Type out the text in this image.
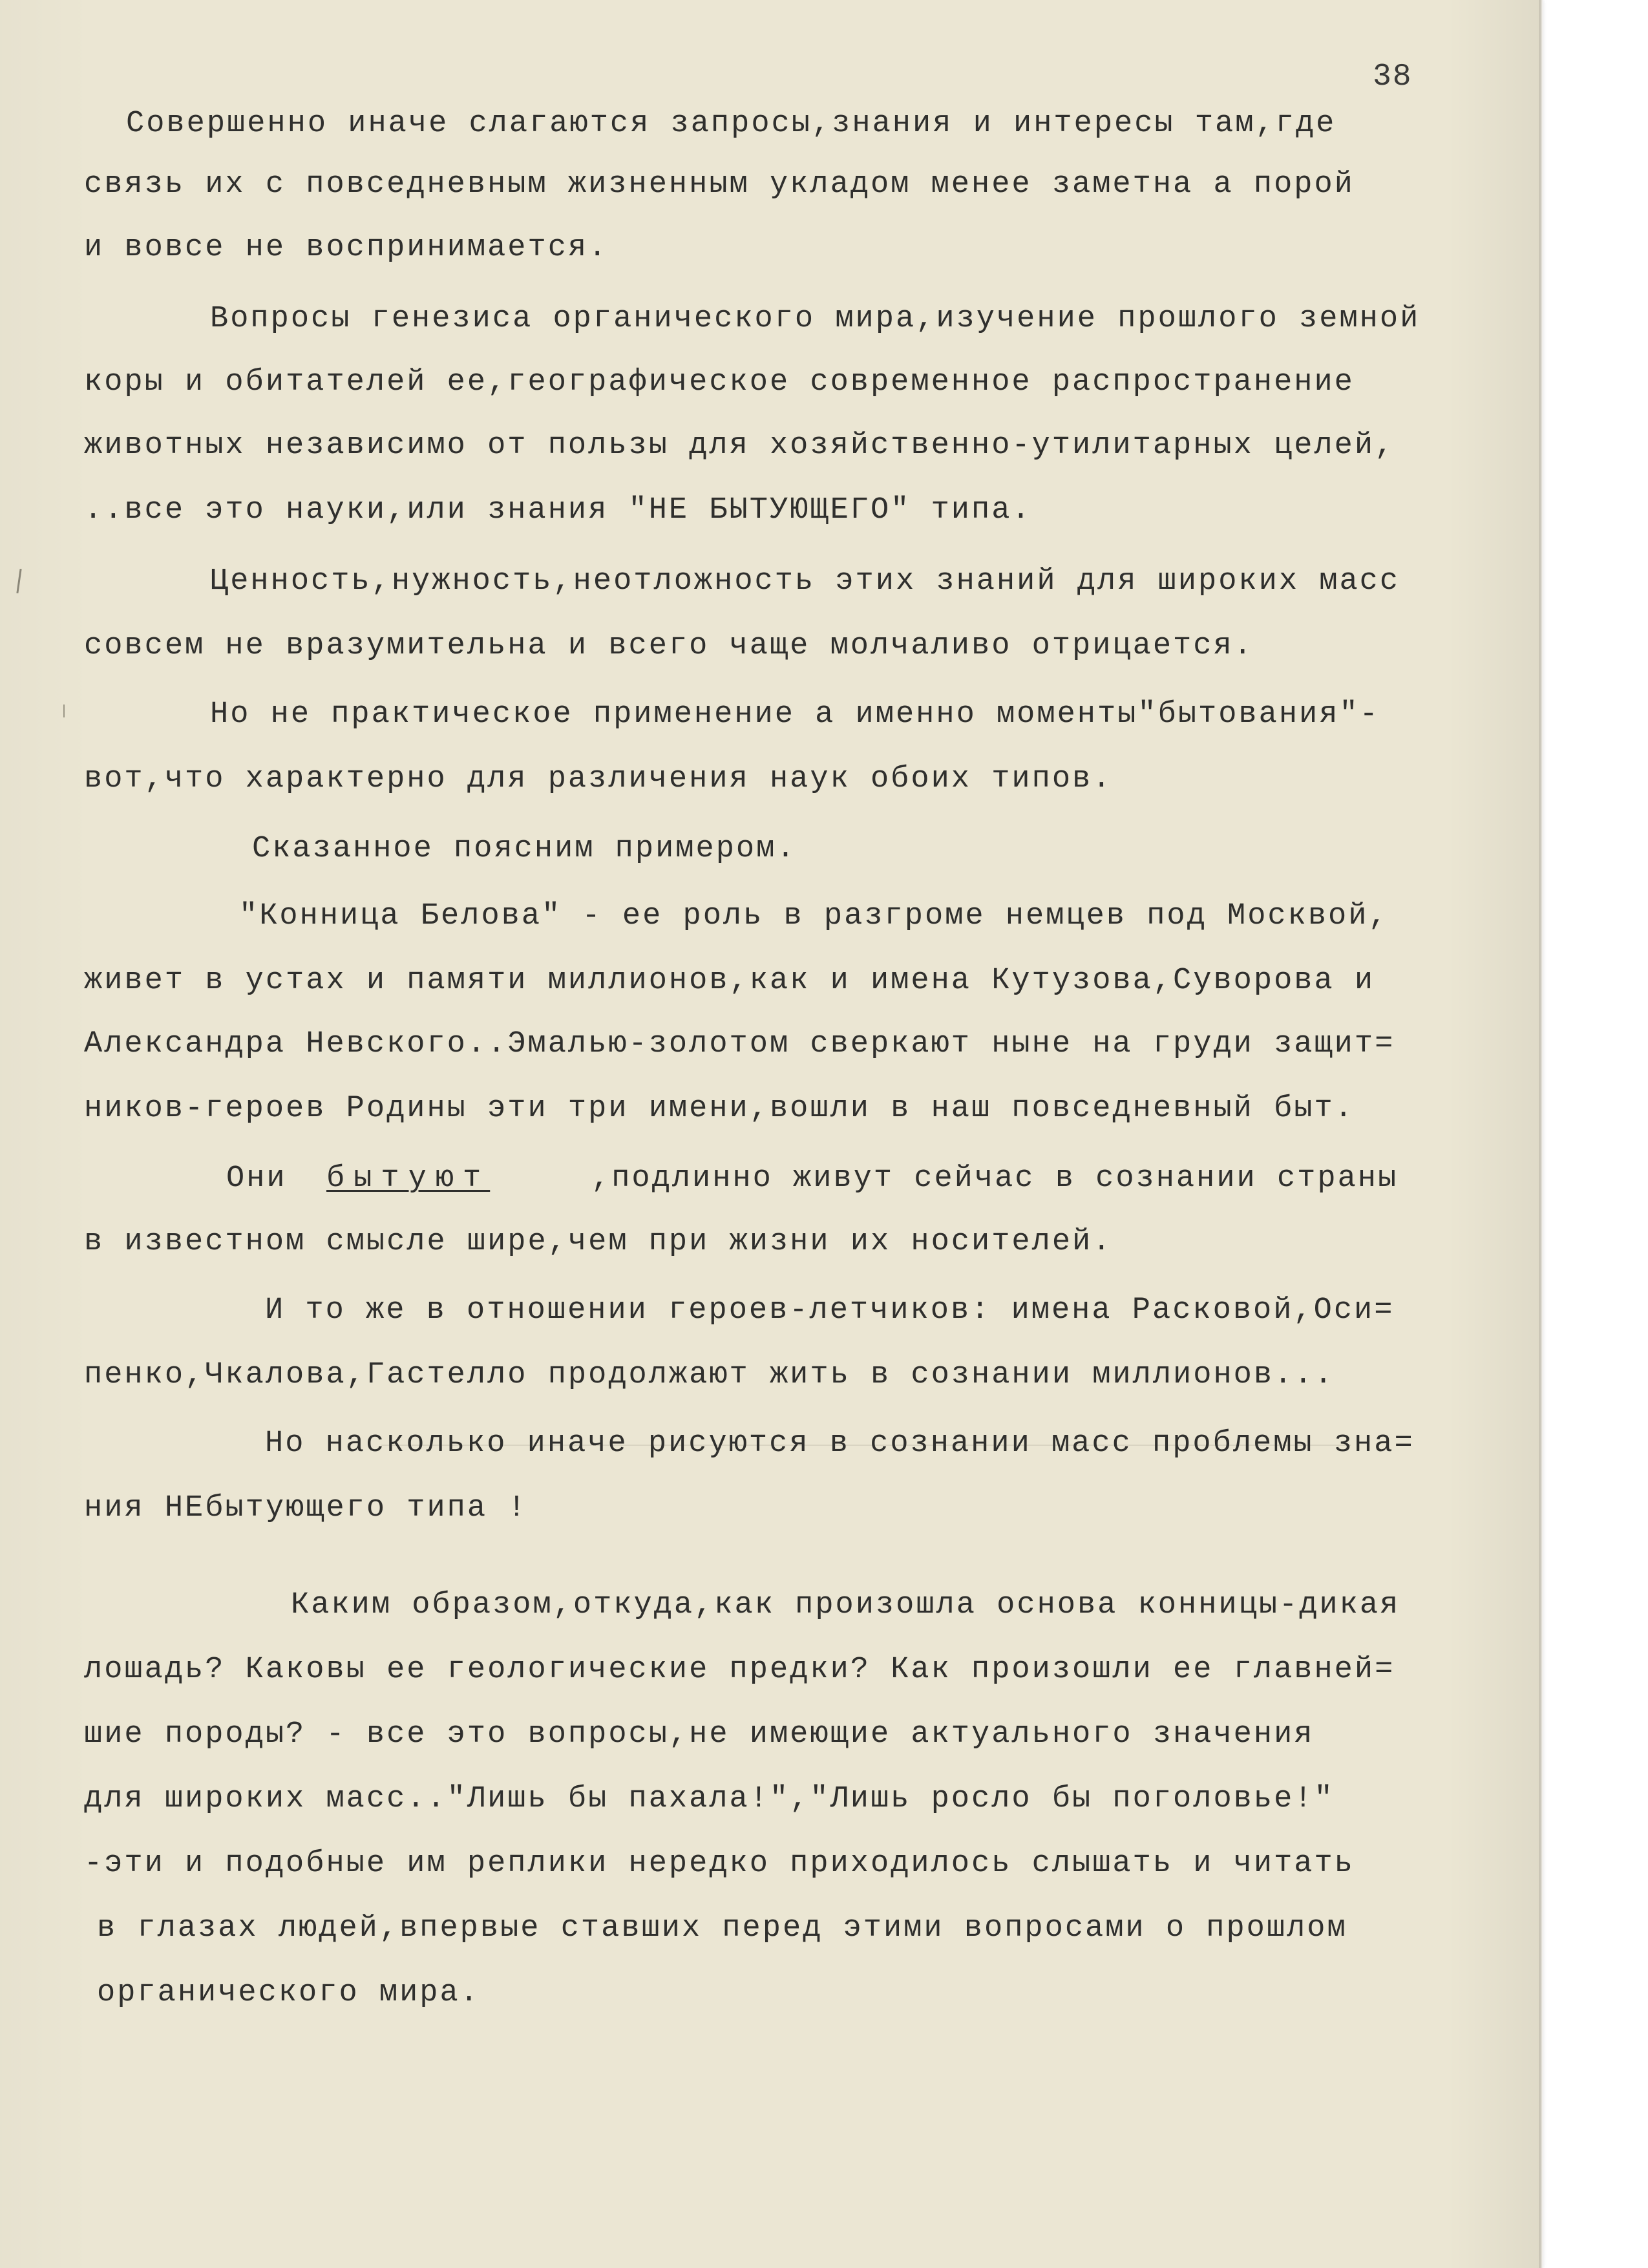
38

Совершенно иначе слагаются запросы,знания и интересы там,где

связь их с повседневным жизненным укладом менее заметна а порой

и вовсе не воспринимается.

Вопросы генезиса органического мира,изучение прошлого земной

коры и обитателей ее,географическое современное распространение

животных независимо от пользы для хозяйственно-утилитарных целей,

..все это науки,или знания "НЕ БЫТУЮЩЕГО" типа.

Ценность,нужность,неотложность этих знаний для широких масс

совсем не вразумительна и всего чаще молчаливо отрицается.

Но не практическое применение а именно моменты"бытования"-

вот,что характерно для различения наук обоих типов.

Сказанное поясним примером.

"Конница Белова" - ее роль в разгроме немцев под Москвой,

живет в устах и памяти миллионов,как и имена Кутузова,Суворова и

Александра Невского..Эмалью-золотом сверкают ныне на груди защит=

ников-героев Родины эти три имени,вошли в наш повседневный быт.

Они бытуют	,подлинно живут сейчас в сознании страны

в известном смысле шире,чем при жизни их носителей.

И то же в отношении героев-летчиков: имена Расковой,Оси=

пенко,Чкалова,Гастелло продолжают жить в сознании миллионов...

Но насколько иначе рисуются в сознании масс проблемы зна=

ния НЕбытующего типа !

Каким образом,откуда,как произошла основа конницы-дикая

лошадь? Каковы ее геологические предки? Как произошли ее главней=

шие породы? - все это вопросы,не имеющие актуального значения

для широких масс.."Лишь бы пахала!","Лишь росло бы поголовье!"

-эти и подобные им реплики нередко приходилось слышать и читать

в глазах людей,впервые ставших перед этими вопросами о прошлом

органического мира.
